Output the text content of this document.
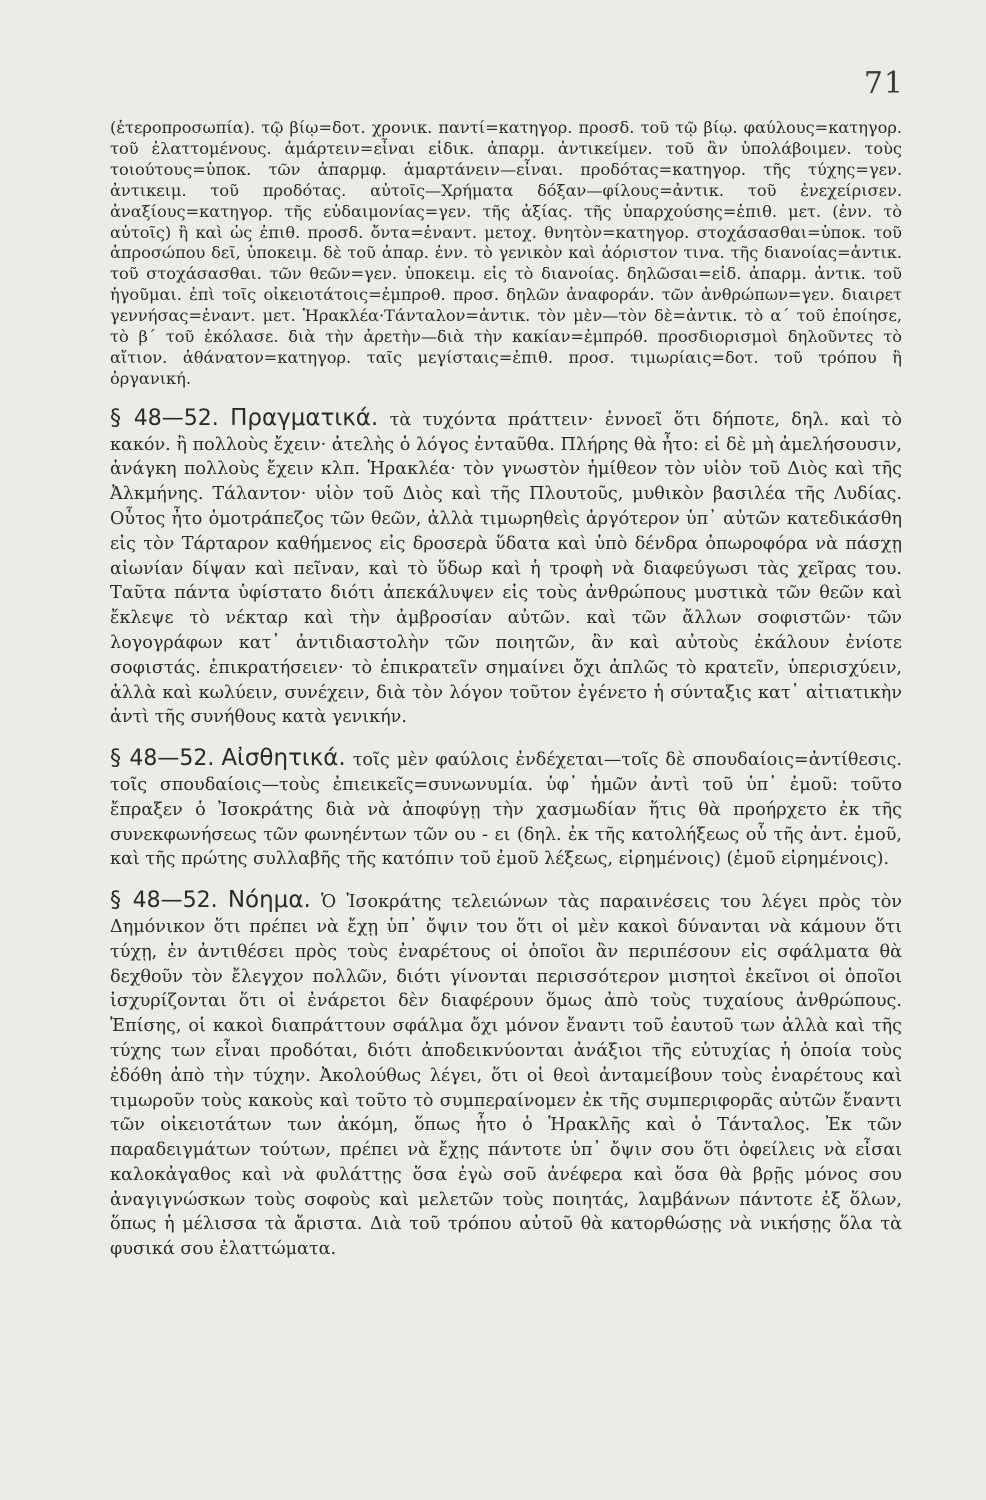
71

(ἑτεροπροσωπία). τῷ βίῳ=δοτ. χρονικ. παντί=κατηγορ. προσδ. τοῦ τῷ βίῳ. φαύλους=κατηγορ. τοῦ ἐλαττομένους. ἁμάρτειν=εἶναι εἰδικ. ἀπαρμ. ἀντικείμεν. τοῦ ἂν ὑπολάβοιμεν. τοὺς τοιούτους=ὑποκ. τῶν ἀπαρμφ. ἁμαρτάνειν—εἶναι. προδότας=κατηγορ. τῆς τύχης=γεν. ἀντικειμ. τοῦ προδότας. αὐτοῖς—Χρήματα δόξαν—φίλους=ἀντικ. τοῦ ἐνεχείρισεν. ἀναξίους=κατηγορ. τῆς εὐδαιμονίας=γεν. τῆς ἀξίας. τῆς ὑπαρχούσης=ἐπιθ. μετ. (ἐνν. τὸ αὐτοῖς) ἢ καὶ ὡς ἐπιθ. προσδ. ὄντα=ἐναντ. μετοχ. θνητὸν=κατηγορ. στοχάσασθαι=ὑποκ. τοῦ ἀπροσώπου δεῖ, ὑποκειμ. δὲ τοῦ ἀπαρ. ἐνν. τὸ γενικὸν καὶ ἀόριστον τινα. τῆς διανοίας=ἀντικ. τοῦ στοχάσασθαι. τῶν θεῶν=γεν. ὑποκειμ. εἰς τὸ διανοίας. δηλῶσαι=εἰδ. ἀπαρμ. ἀντικ. τοῦ ἡγοῦμαι. ἐπὶ τοῖς οἰκειοτάτοις=ἐμπροθ. προσ. δηλῶν ἀναφοράν. τῶν ἀνθρώπων=γεν. διαιρετ γεννήσας=ἐναντ. μετ. Ἡρακλέα·Τάνταλον=ἀντικ. τὸν μὲν—τὸν δὲ=ἀντικ. τὸ α´ τοῦ ἐποίησε, τὸ β´ τοῦ ἐκόλασε. διὰ τὴν ἀρετὴν—διὰ τὴν κακίαν=ἐμπρόθ. προσδιορισμοὶ δηλοῦντες τὸ αἴτιον. ἀθάνατον=κατηγορ. ταῖς μεγίσταις=ἐπιθ. προσ. τιμωρίαις=δοτ. τοῦ τρόπου ἢ ὀργανική.

§ 48—52. Πραγματικά. τὰ τυχόντα πράττειν· ἐννοεῖ ὅτι δήποτε, δηλ. καὶ τὸ κακόν. ἢ πολλοὺς ἔχειν· ἀτελὴς ὁ λόγος ἐνταῦθα. Πλήρης θὰ ἦτο: εἰ δὲ μὴ ἀμελήσουσιν, ἀνάγκη πολλοὺς ἔχειν κλπ. Ἡρακλέα· τὸν γνωστὸν ἡμίθεον τὸν υἱὸν τοῦ Διὸς καὶ τῆς Ἀλκμήνης. Τάλαντον· υἱὸν τοῦ Διὸς καὶ τῆς Πλουτοῦς, μυθικὸν βασιλέα τῆς Λυδίας. Οὗτος ἦτο ὁμοτράπεζος τῶν θεῶν, ἀλλὰ τιμωρηθεὶς ἀργότερον ὑπ᾿ αὐτῶν κατεδικάσθη εἰς τὸν Τάρταρον καθήμενος εἰς δροσερὰ ὕδατα καὶ ὑπὸ δένδρα ὀπωροφόρα νὰ πάσχῃ αἰωνίαν δίψαν καὶ πεῖναν, καὶ τὸ ὕδωρ καὶ ἡ τροφὴ νὰ διαφεύγωσι τὰς χεῖρας του. Ταῦτα πάντα ὑφίστατο διότι ἀπεκάλυψεν εἰς τοὺς ἀνθρώπους μυστικὰ τῶν θεῶν καὶ ἔκλεψε τὸ νέκταρ καὶ τὴν ἀμβροσίαν αὐτῶν. καὶ τῶν ἄλλων σοφιστῶν· τῶν λογογράφων κατ᾿ ἀντιδιαστολὴν τῶν ποιητῶν, ἂν καὶ αὐτοὺς ἐκάλουν ἐνίοτε σοφιστάς. ἐπικρατήσειεν· τὸ ἐπικρατεῖν σημαίνει ὄχι ἁπλῶς τὸ κρατεῖν, ὑπερισχύειν, ἀλλὰ καὶ κωλύειν, συνέχειν, διὰ τὸν λόγον τοῦτον ἐγένετο ἡ σύνταξις κατ᾿ αἰτιατικὴν ἀντὶ τῆς συνήθους κατὰ γενικήν.

§ 48—52. Αἰσθητικά. τοῖς μὲν φαύλοις ἐνδέχεται—τοῖς δὲ σπουδαίοις=ἀντίθεσις. τοῖς σπουδαίοις—τοὺς ἐπιεικεῖς=συνωνυμία. ὑφ᾿ ἡμῶν ἀντὶ τοῦ ὑπ᾿ ἐμοῦ: τοῦτο ἔπραξεν ὁ Ἰσοκράτης διὰ νὰ ἀποφύγῃ τὴν χασμωδίαν ἥτις θὰ προήρχετο ἐκ τῆς συνεκφωνήσεως τῶν φωνηέντων τῶν ου - ει (δηλ. ἐκ τῆς κατολήξεως οὗ τῆς ἀντ. ἐμοῦ, καὶ τῆς πρώτης συλλαβῆς τῆς κατόπιν τοῦ ἐμοῦ λέξεως, εἰρημένοις) (ἐμοῦ εἰρημένοις).

§ 48—52. Νόημα. Ὁ Ἰσοκράτης τελειώνων τὰς παραινέσεις του λέγει πρὸς τὸν Δημόνικον ὅτι πρέπει νὰ ἔχῃ ὑπ᾿ ὄψιν του ὅτι οἱ μὲν κακοὶ δύνανται νὰ κάμουν ὅτι τύχῃ, ἐν ἀντιθέσει πρὸς τοὺς ἐναρέτους οἱ ὁποῖοι ἂν περιπέσουν εἰς σφάλματα θὰ δεχθοῦν τὸν ἔλεγχον πολλῶν, διότι γίνονται περισσότερον μισητοὶ ἐκεῖνοι οἱ ὁποῖοι ἰσχυρίζονται ὅτι οἱ ἐνάρετοι δὲν διαφέρουν ὅμως ἀπὸ τοὺς τυχαίους ἀνθρώπους. Ἐπίσης, οἱ κακοὶ διαπράττουν σφάλμα ὄχι μόνον ἔναντι τοῦ ἑαυτοῦ των ἀλλὰ καὶ τῆς τύχης των εἶναι προδόται, διότι ἀποδεικνύονται ἀνάξιοι τῆς εὐτυχίας ἡ ὁποία τοὺς ἐδόθη ἀπὸ τὴν τύχην. Ἀκολούθως λέγει, ὅτι οἱ θεοὶ ἀνταμείβουν τοὺς ἐναρέτους καὶ τιμωροῦν τοὺς κακοὺς καὶ τοῦτο τὸ συμπεραίνομεν ἐκ τῆς συμπεριφορᾶς αὐτῶν ἔναντι τῶν οἰκειοτάτων των ἀκόμη, ὅπως ἦτο ὁ Ἡρακλῆς καὶ ὁ Τάνταλος. Ἐκ τῶν παραδειγμάτων τούτων, πρέπει νὰ ἔχῃς πάντοτε ὑπ᾿ ὄψιν σου ὅτι ὀφείλεις νὰ εἶσαι καλοκἀγαθος καὶ νὰ φυλάττῃς ὅσα ἐγὼ σοῦ ἀνέφερα καὶ ὅσα θὰ βρῇς μόνος σου ἀναγιγνώσκων τοὺς σοφοὺς καὶ μελετῶν τοὺς ποιητάς, λαμβάνων πάντοτε ἐξ ὅλων, ὅπως ἡ μέλισσα τὰ ἄριστα. Διὰ τοῦ τρόπου αὐτοῦ θὰ κατορθώσῃς νὰ νικήσῃς ὅλα τὰ φυσικά σου ἐλαττώματα.
